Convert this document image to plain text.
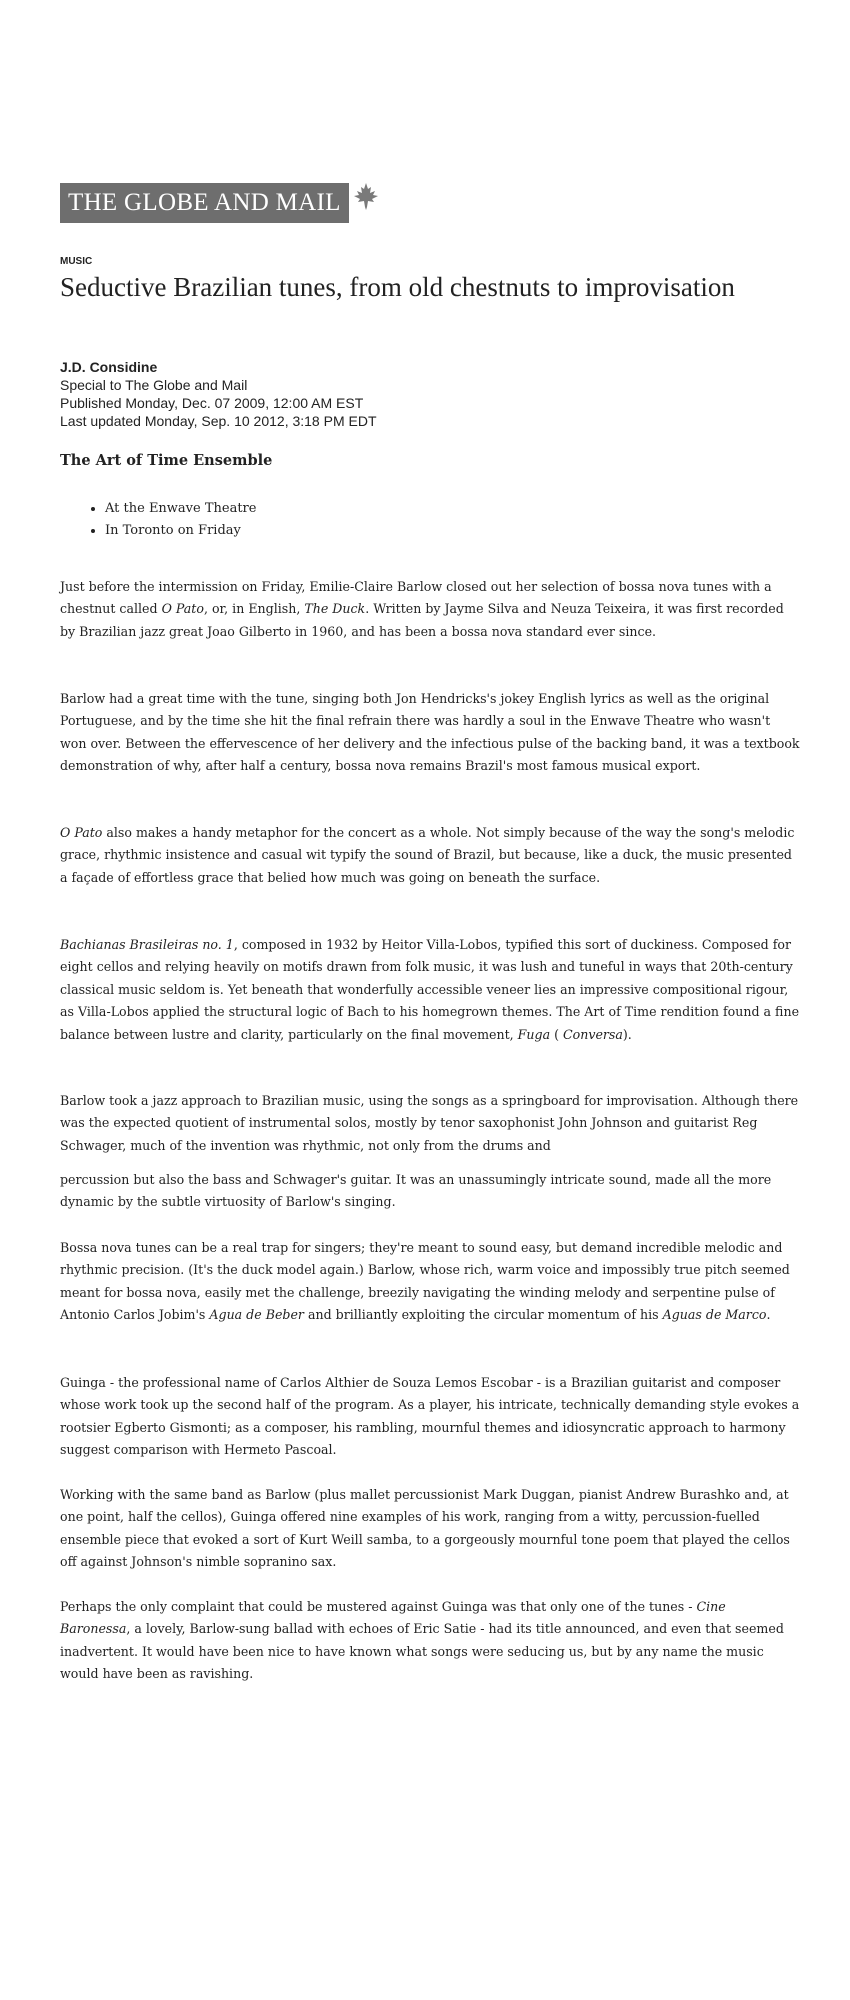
THE GLOBE AND MAIL
MUSIC
Seductive Brazilian tunes, from old chestnuts to improvisation
J.D. Considine
Special to The Globe and Mail
Published Monday, Dec. 07 2009, 12:00 AM EST
Last updated Monday, Sep. 10 2012, 3:18 PM EDT
The Art of Time Ensemble
• At the Enwave Theatre
• In Toronto on Friday

Just before the intermission on Friday, Emilie-Claire Barlow closed out her selection of bossa nova tunes with a chestnut called O Pato, or, in English, The Duck. Written by Jayme Silva and Neuza Teixeira, it was first recorded by Brazilian jazz great Joao Gilberto in 1960, and has been a bossa nova standard ever since.

Barlow had a great time with the tune, singing both Jon Hendricks's jokey English lyrics as well as the original Portuguese, and by the time she hit the final refrain there was hardly a soul in the Enwave Theatre who wasn't won over. Between the effervescence of her delivery and the infectious pulse of the backing band, it was a textbook demonstration of why, after half a century, bossa nova remains Brazil's most famous musical export.

O Pato also makes a handy metaphor for the concert as a whole. Not simply because of the way the song's melodic grace, rhythmic insistence and casual wit typify the sound of Brazil, but because, like a duck, the music presented a façade of effortless grace that belied how much was going on beneath the surface.

Bachianas Brasileiras no. 1, composed in 1932 by Heitor Villa-Lobos, typified this sort of duckiness. Composed for eight cellos and relying heavily on motifs drawn from folk music, it was lush and tuneful in ways that 20th-century classical music seldom is. Yet beneath that wonderfully accessible veneer lies an impressive compositional rigour, as Villa-Lobos applied the structural logic of Bach to his homegrown themes. The Art of Time rendition found a fine balance between lustre and clarity, particularly on the final movement, Fuga ( Conversa).

Barlow took a jazz approach to Brazilian music, using the songs as a springboard for improvisation. Although there was the expected quotient of instrumental solos, mostly by tenor saxophonist John Johnson and guitarist Reg Schwager, much of the invention was rhythmic, not only from the drums and

percussion but also the bass and Schwager's guitar. It was an unassumingly intricate sound, made all the more dynamic by the subtle virtuosity of Barlow's singing.

Bossa nova tunes can be a real trap for singers; they're meant to sound easy, but demand incredible melodic and rhythmic precision. (It's the duck model again.) Barlow, whose rich, warm voice and impossibly true pitch seemed meant for bossa nova, easily met the challenge, breezily navigating the winding melody and serpentine pulse of Antonio Carlos Jobim's Agua de Beber and brilliantly exploiting the circular momentum of his Aguas de Marco.

Guinga - the professional name of Carlos Althier de Souza Lemos Escobar - is a Brazilian guitarist and composer whose work took up the second half of the program. As a player, his intricate, technically demanding style evokes a rootsier Egberto Gismonti; as a composer, his rambling, mournful themes and idiosyncratic approach to harmony suggest comparison with Hermeto Pascoal.

Working with the same band as Barlow (plus mallet percussionist Mark Duggan, pianist Andrew Burashko and, at one point, half the cellos), Guinga offered nine examples of his work, ranging from a witty, percussion-fuelled ensemble piece that evoked a sort of Kurt Weill samba, to a gorgeously mournful tone poem that played the cellos off against Johnson's nimble sopranino sax.

Perhaps the only complaint that could be mustered against Guinga was that only one of the tunes - Cine Baronessa, a lovely, Barlow-sung ballad with echoes of Eric Satie - had its title announced, and even that seemed inadvertent. It would have been nice to have known what songs were seducing us, but by any name the music would have been as ravishing.
